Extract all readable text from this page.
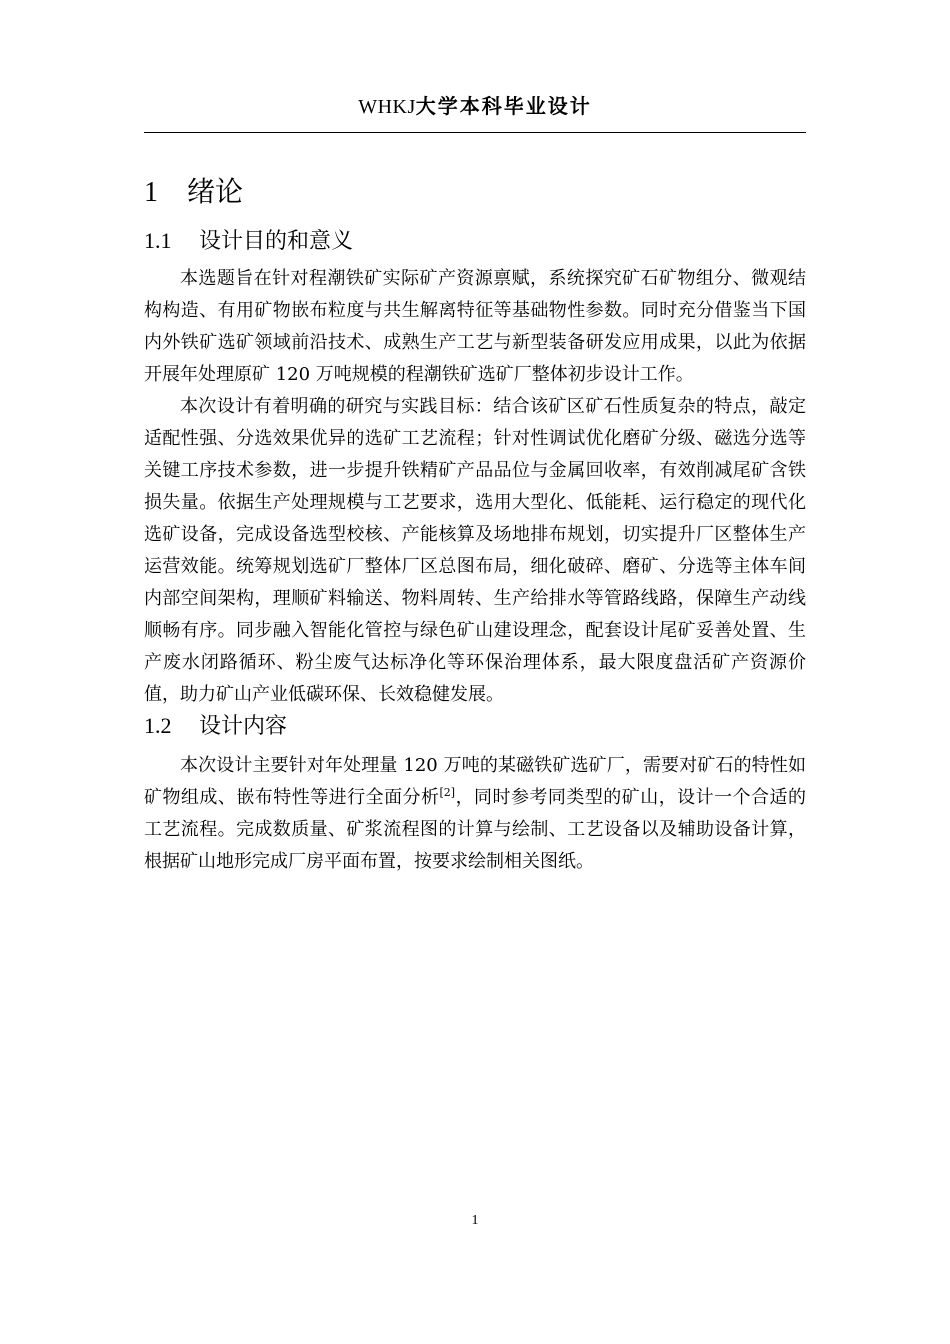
WHKJ大学本科毕业设计
1 绪论
1.1 设计目的和意义

本选题旨在针对程潮铁矿实际矿产资源禀赋，系统探究矿石矿物组分、微观结构构造、有用矿物嵌布粒度与共生解离特征等基础物性参数。同时充分借鉴当下国内外铁矿选矿领域前沿技术、成熟生产工艺与新型装备研发应用成果，以此为依据开展年处理原矿 120 万吨规模的程潮铁矿选矿厂整体初步设计工作。

本次设计有着明确的研究与实践目标：结合该矿区矿石性质复杂的特点，敲定适配性强、分选效果优异的选矿工艺流程；针对性调试优化磨矿分级、磁选分选等关键工序技术参数，进一步提升铁精矿产品品位与金属回收率，有效削减尾矿含铁损失量。依据生产处理规模与工艺要求，选用大型化、低能耗、运行稳定的现代化选矿设备，完成设备选型校核、产能核算及场地排布规划，切实提升厂区整体生产运营效能。统筹规划选矿厂整体厂区总图布局，细化破碎、磨矿、分选等主体车间内部空间架构，理顺矿料输送、物料周转、生产给排水等管路线路，保障生产动线顺畅有序。同步融入智能化管控与绿色矿山建设理念，配套设计尾矿妥善处置、生产废水闭路循环、粉尘废气达标净化等环保治理体系，最大限度盘活矿产资源价值，助力矿山产业低碳环保、长效稳健发展。

1.2 设计内容

本次设计主要针对年处理量 120 万吨的某磁铁矿选矿厂，需要对矿石的特性如矿物组成、嵌布特性等进行全面分析[2]，同时参考同类型的矿山，设计一个合适的工艺流程。完成数质量、矿浆流程图的计算与绘制、工艺设备以及辅助设备计算，根据矿山地形完成厂房平面布置，按要求绘制相关图纸。

1
